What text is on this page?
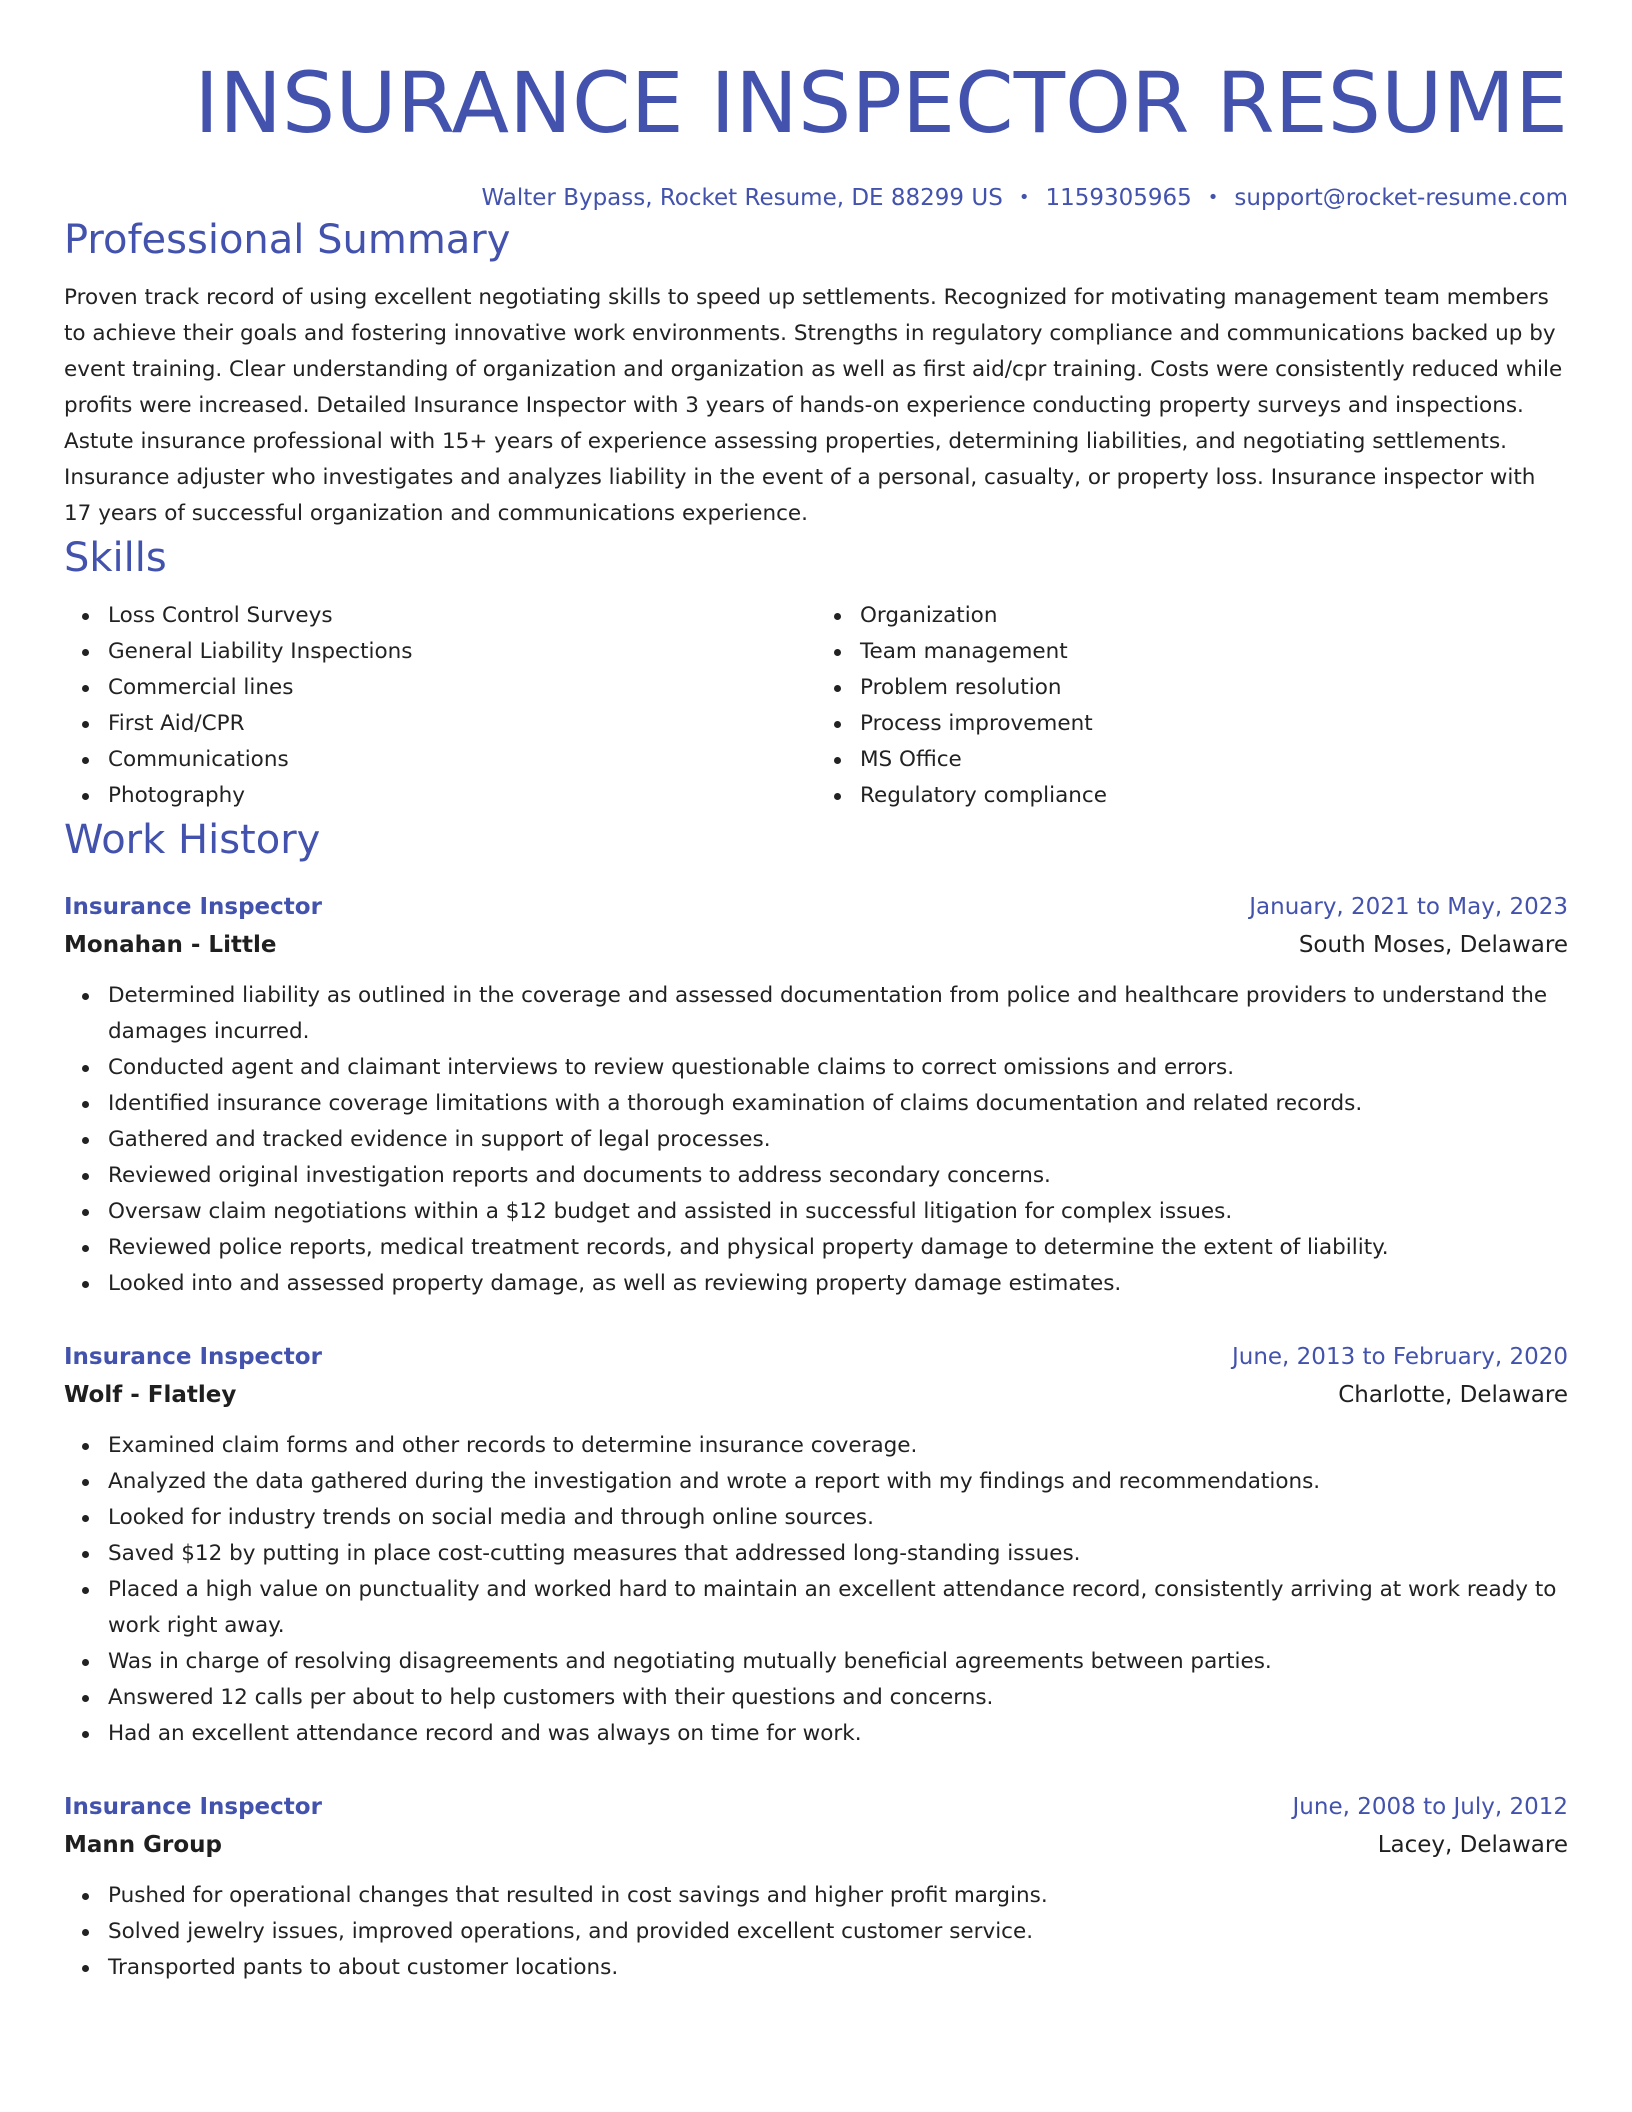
INSURANCE INSPECTOR RESUME
Walter Bypass, Rocket Resume, DE 88299 US • 1159305965 • support@rocket-resume.com
Professional Summary

Proven track record of using excellent negotiating skills to speed up settlements. Recognized for motivating management team members to achieve their goals and fostering innovative work environments. Strengths in regulatory compliance and communications backed up by event training. Clear understanding of organization and organization as well as first aid/cpr training. Costs were consistently reduced while profits were increased. Detailed Insurance Inspector with 3 years of hands-on experience conducting property surveys and inspections. Astute insurance professional with 15+ years of experience assessing properties, determining liabilities, and negotiating settlements. Insurance adjuster who investigates and analyzes liability in the event of a personal, casualty, or property loss. Insurance inspector with 17 years of successful organization and communications experience.

Skills
Loss Control Surveys
General Liability Inspections
Commercial lines
First Aid/CPR
Communications
Photography
Organization
Team management
Problem resolution
Process improvement
MS Office
Regulatory compliance
Work History
Insurance Inspector	January, 2021 to May, 2023
Monahan - Little	South Moses, Delaware
Determined liability as outlined in the coverage and assessed documentation from police and healthcare providers to understand the damages incurred.
Conducted agent and claimant interviews to review questionable claims to correct omissions and errors.
Identified insurance coverage limitations with a thorough examination of claims documentation and related records.
Gathered and tracked evidence in support of legal processes.
Reviewed original investigation reports and documents to address secondary concerns.
Oversaw claim negotiations within a $12 budget and assisted in successful litigation for complex issues.
Reviewed police reports, medical treatment records, and physical property damage to determine the extent of liability.
Looked into and assessed property damage, as well as reviewing property damage estimates.
Insurance Inspector	June, 2013 to February, 2020
Wolf - Flatley	Charlotte, Delaware
Examined claim forms and other records to determine insurance coverage.
Analyzed the data gathered during the investigation and wrote a report with my findings and recommendations.
Looked for industry trends on social media and through online sources.
Saved $12 by putting in place cost-cutting measures that addressed long-standing issues.
Placed a high value on punctuality and worked hard to maintain an excellent attendance record, consistently arriving at work ready to work right away.
Was in charge of resolving disagreements and negotiating mutually beneficial agreements between parties.
Answered 12 calls per about to help customers with their questions and concerns.
Had an excellent attendance record and was always on time for work.
Insurance Inspector	June, 2008 to July, 2012
Mann Group	Lacey, Delaware
Pushed for operational changes that resulted in cost savings and higher profit margins.
Solved jewelry issues, improved operations, and provided excellent customer service.
Transported pants to about customer locations.
